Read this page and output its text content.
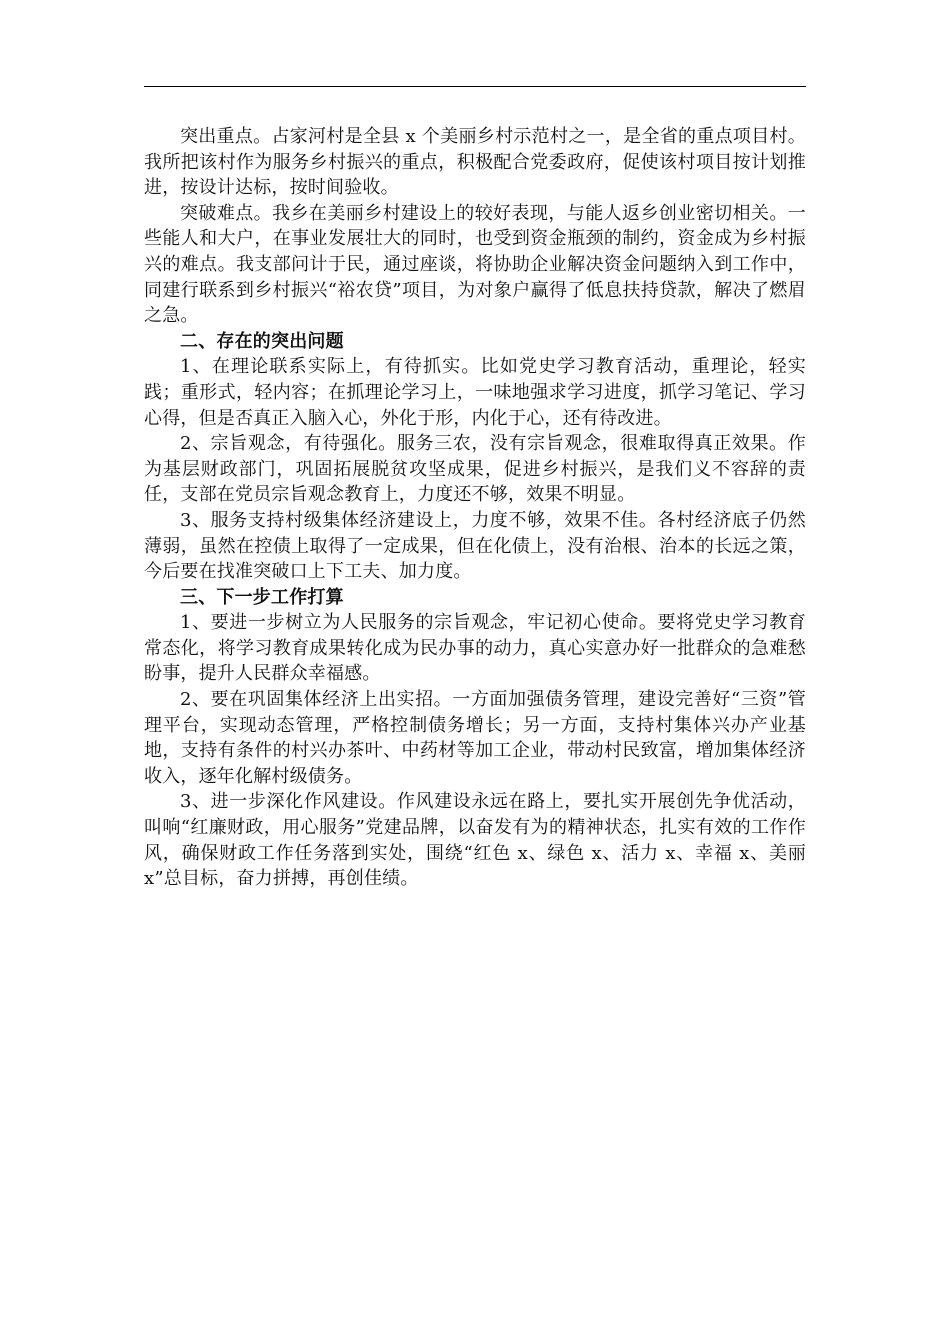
突出重点。占家河村是全县 x 个美丽乡村示范村之一，是全省的重点项目村。我所把该村作为服务乡村振兴的重点，积极配合党委政府，促使该村项目按计划推进，按设计达标，按时间验收。

突破难点。我乡在美丽乡村建设上的较好表现，与能人返乡创业密切相关。一些能人和大户，在事业发展壮大的同时，也受到资金瓶颈的制约，资金成为乡村振兴的难点。我支部问计于民，通过座谈，将协助企业解决资金问题纳入到工作中，同建行联系到乡村振兴“裕农贷”项目，为对象户赢得了低息扶持贷款，解决了燃眉之急。

二、存在的突出问题

1、在理论联系实际上，有待抓实。比如党史学习教育活动，重理论，轻实践；重形式，轻内容；在抓理论学习上，一味地强求学习进度，抓学习笔记、学习心得，但是否真正入脑入心，外化于形，内化于心，还有待改进。

2、宗旨观念，有待强化。服务三农，没有宗旨观念，很难取得真正效果。作为基层财政部门，巩固拓展脱贫攻坚成果，促进乡村振兴，是我们义不容辞的责任，支部在党员宗旨观念教育上，力度还不够，效果不明显。

3、服务支持村级集体经济建设上，力度不够，效果不佳。各村经济底子仍然薄弱，虽然在控债上取得了一定成果，但在化债上，没有治根、治本的长远之策，今后要在找准突破口上下工夫、加力度。

三、下一步工作打算

1、要进一步树立为人民服务的宗旨观念，牢记初心使命。要将党史学习教育常态化，将学习教育成果转化成为民办事的动力，真心实意办好一批群众的急难愁盼事，提升人民群众幸福感。

2、要在巩固集体经济上出实招。一方面加强债务管理，建设完善好“三资”管理平台，实现动态管理，严格控制债务增长；另一方面，支持村集体兴办产业基地，支持有条件的村兴办茶叶、中药材等加工企业，带动村民致富，增加集体经济收入，逐年化解村级债务。

3、进一步深化作风建设。作风建设永远在路上，要扎实开展创先争优活动，叫响“红廉财政，用心服务”党建品牌，以奋发有为的精神状态，扎实有效的工作作风，确保财政工作任务落到实处，围绕“红色 x、绿色 x、活力 x、幸福 x、美丽 x”总目标，奋力拼搏，再创佳绩。
